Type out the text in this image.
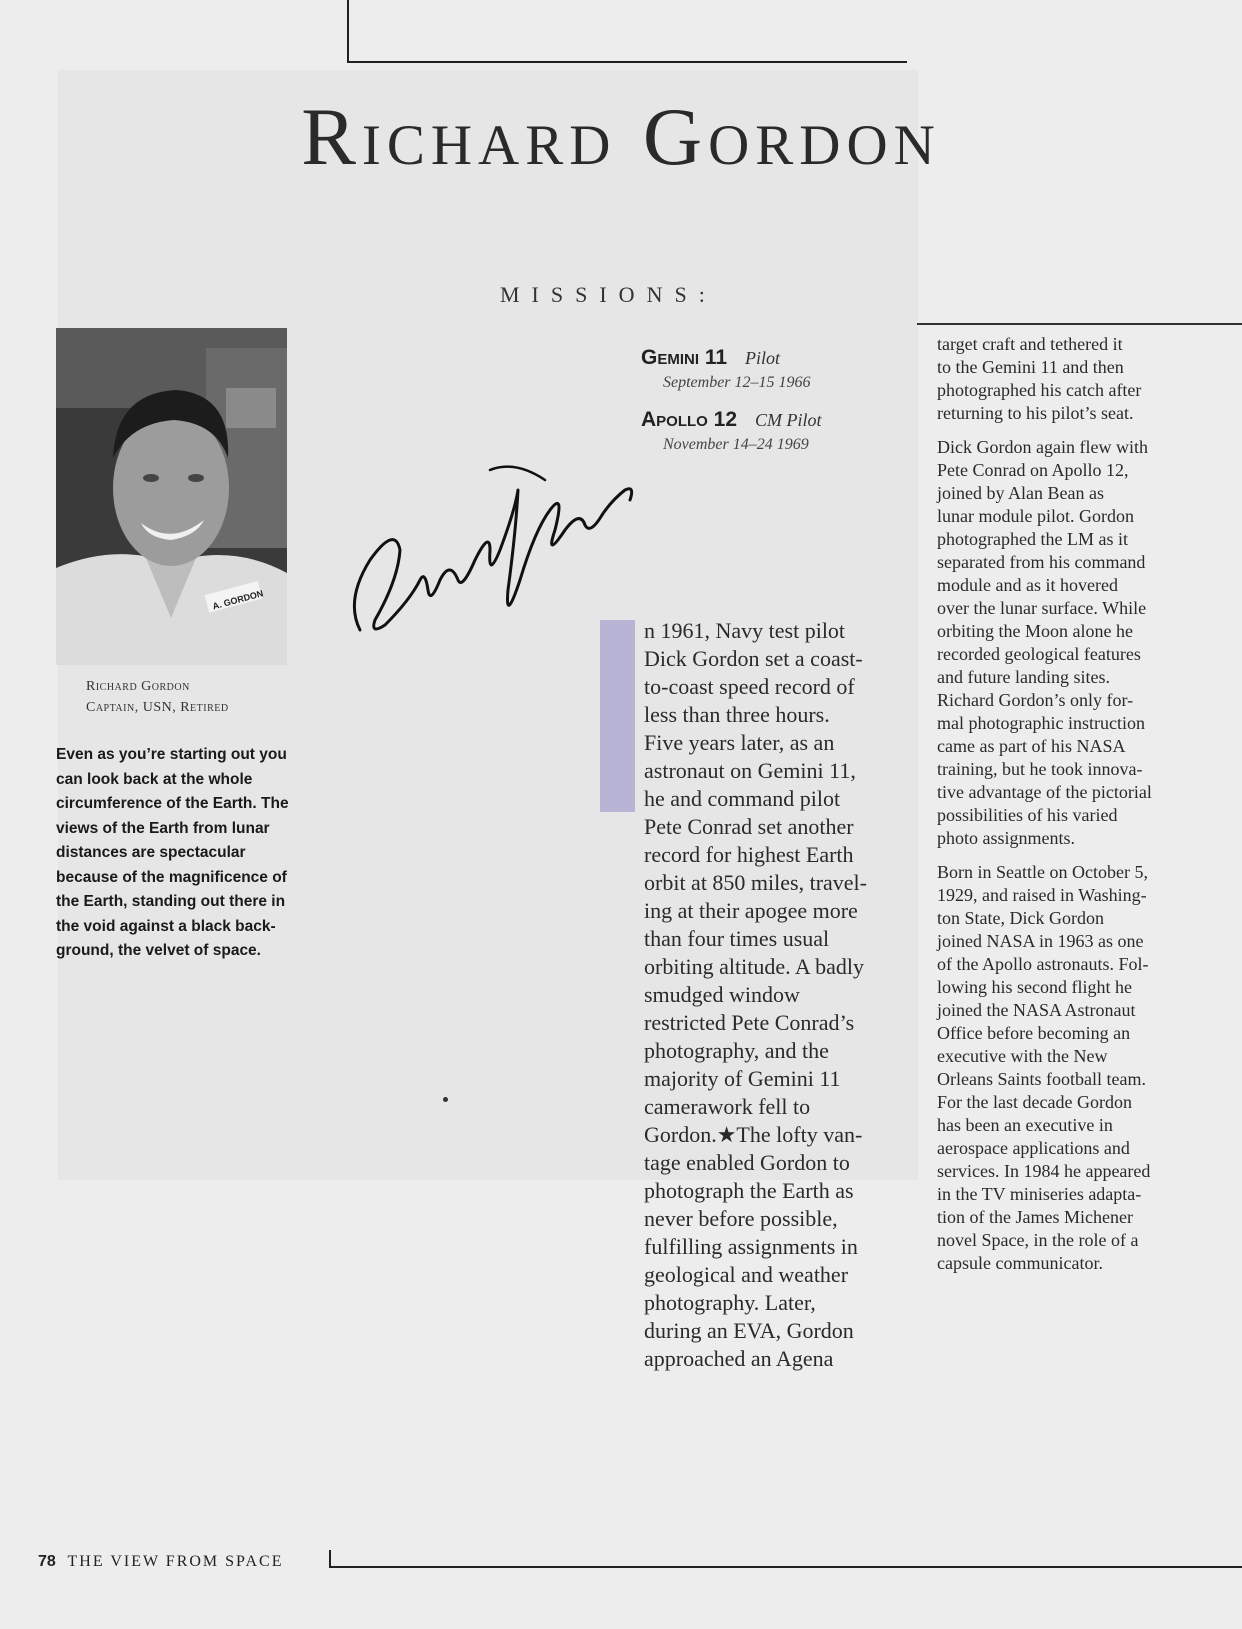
Richard Gordon
MISSIONS:
A. GORDON
Richard Gordon
Captain, USN, Retired
Even as you’re starting out you
can look back at the whole
circumference of the Earth. The
views of the Earth from lunar
distances are spectacular
because of the magnificence of
the Earth, standing out there in
the void against a black back-
ground, the velvet of space.
Gemini 11 Pilot
September 12–15 1966
Apollo 12 CM Pilot
November 14–24 1969
n 1961, Navy test pilot
Dick Gordon set a coast-
to-coast speed record of
less than three hours.
Five years later, as an
astronaut on Gemini 11,
he and command pilot
Pete Conrad set another
record for highest Earth
orbit at 850 miles, travel-
ing at their apogee more
than four times usual
orbiting altitude. A badly
smudged window
restricted Pete Conrad’s
photography, and the
majority of Gemini 11
camerawork fell to
Gordon.★The lofty van-
tage enabled Gordon to
photograph the Earth as
never before possible,
fulfilling assignments in
geological and weather
photography. Later,
during an EVA, Gordon
approached an Agena
target craft and tethered it
to the Gemini 11 and then
photographed his catch after
returning to his pilot’s seat.
Dick Gordon again flew with
Pete Conrad on Apollo 12,
joined by Alan Bean as
lunar module pilot. Gordon
photographed the LM as it
separated from his command
module and as it hovered
over the lunar surface. While
orbiting the Moon alone he
recorded geological features
and future landing sites.
Richard Gordon’s only for-
mal photographic instruction
came as part of his NASA
training, but he took innova-
tive advantage of the pictorial
possibilities of his varied
photo assignments.
Born in Seattle on October 5,
1929, and raised in Washing-
ton State, Dick Gordon
joined NASA in 1963 as one
of the Apollo astronauts. Fol-
lowing his second flight he
joined the NASA Astronaut
Office before becoming an
executive with the New
Orleans Saints football team.
For the last decade Gordon
has been an executive in
aerospace applications and
services. In 1984 he appeared
in the TV miniseries adapta-
tion of the James Michener
novel Space, in the role of a
capsule communicator.
78 THE VIEW FROM SPACE
